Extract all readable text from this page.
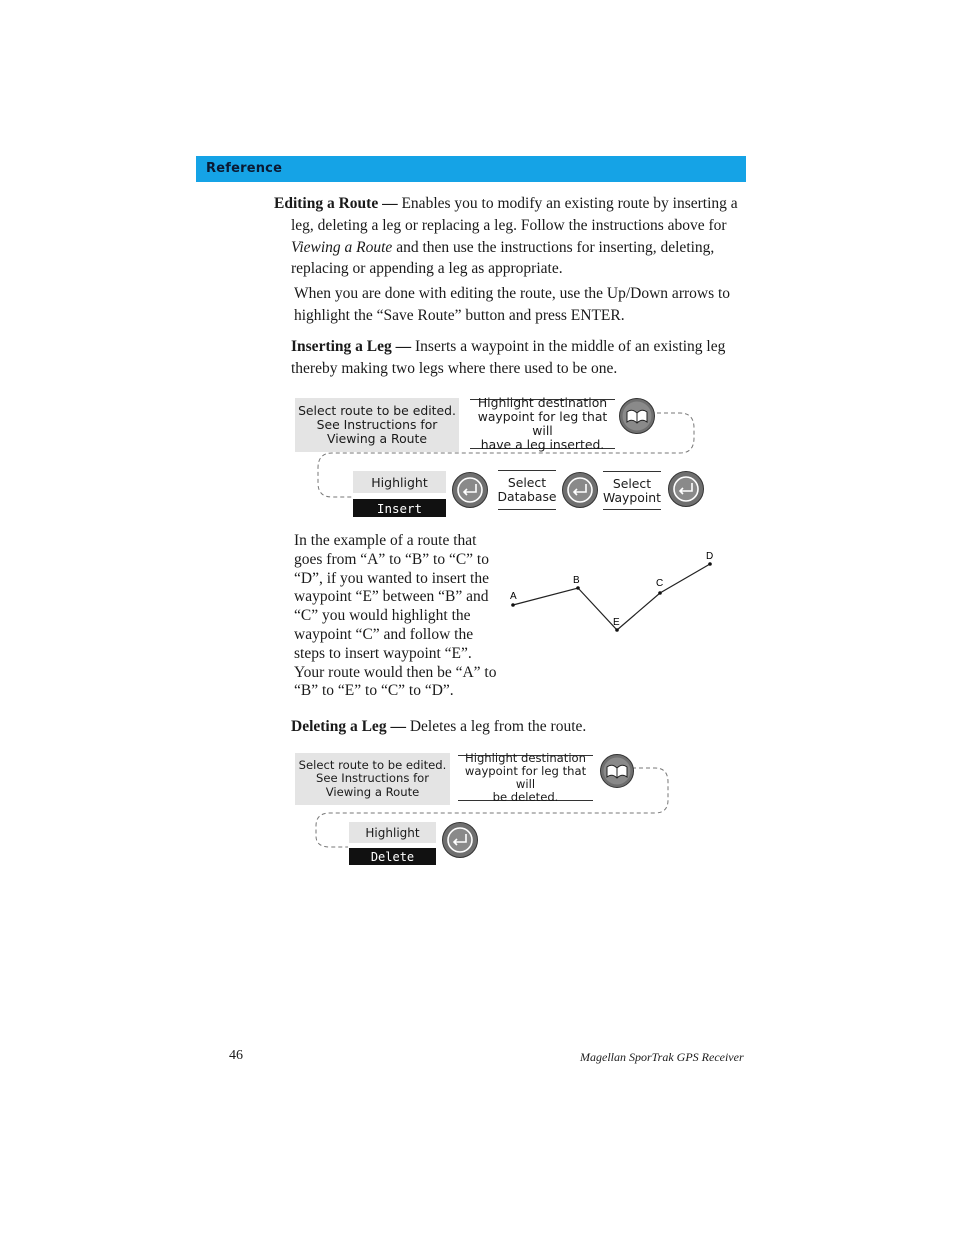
Reference
Editing a Route — Enables you to modify an existing route by inserting a
leg, deleting a leg or replacing a leg. Follow the instructions above for
Viewing a Route and then use the instructions for inserting, deleting,
replacing or appending a leg as appropriate.
When you are done with editing the route, use the Up/Down arrows to
highlight the “Save Route” button and press ENTER.
Inserting a Leg — Inserts a waypoint in the middle of an existing leg
thereby making two legs where there used to be one.
Select route to be edited.
See Instructions for
Viewing a Route
Highlight destination
waypoint for leg that will
have a leg inserted.
Highlight
Insert
Select
Database
Select
Waypoint
In the example of a route that
goes from “A” to “B” to “C” to
“D”, if you wanted to insert the
waypoint “E” between “B” and
“C” you would highlight the
waypoint “C” and follow the
steps to insert waypoint “E”.
Your route would then be “A” to
“B” to “E” to “C” to “D”.
A
B	C
D
E
Deleting a Leg — Deletes a leg from the route.
Select route to be edited.
See Instructions for
Viewing a Route
Highlight destination
waypoint for leg that will
be deleted.
Highlight
Delete
46	Magellan SporTrak GPS Receiver
